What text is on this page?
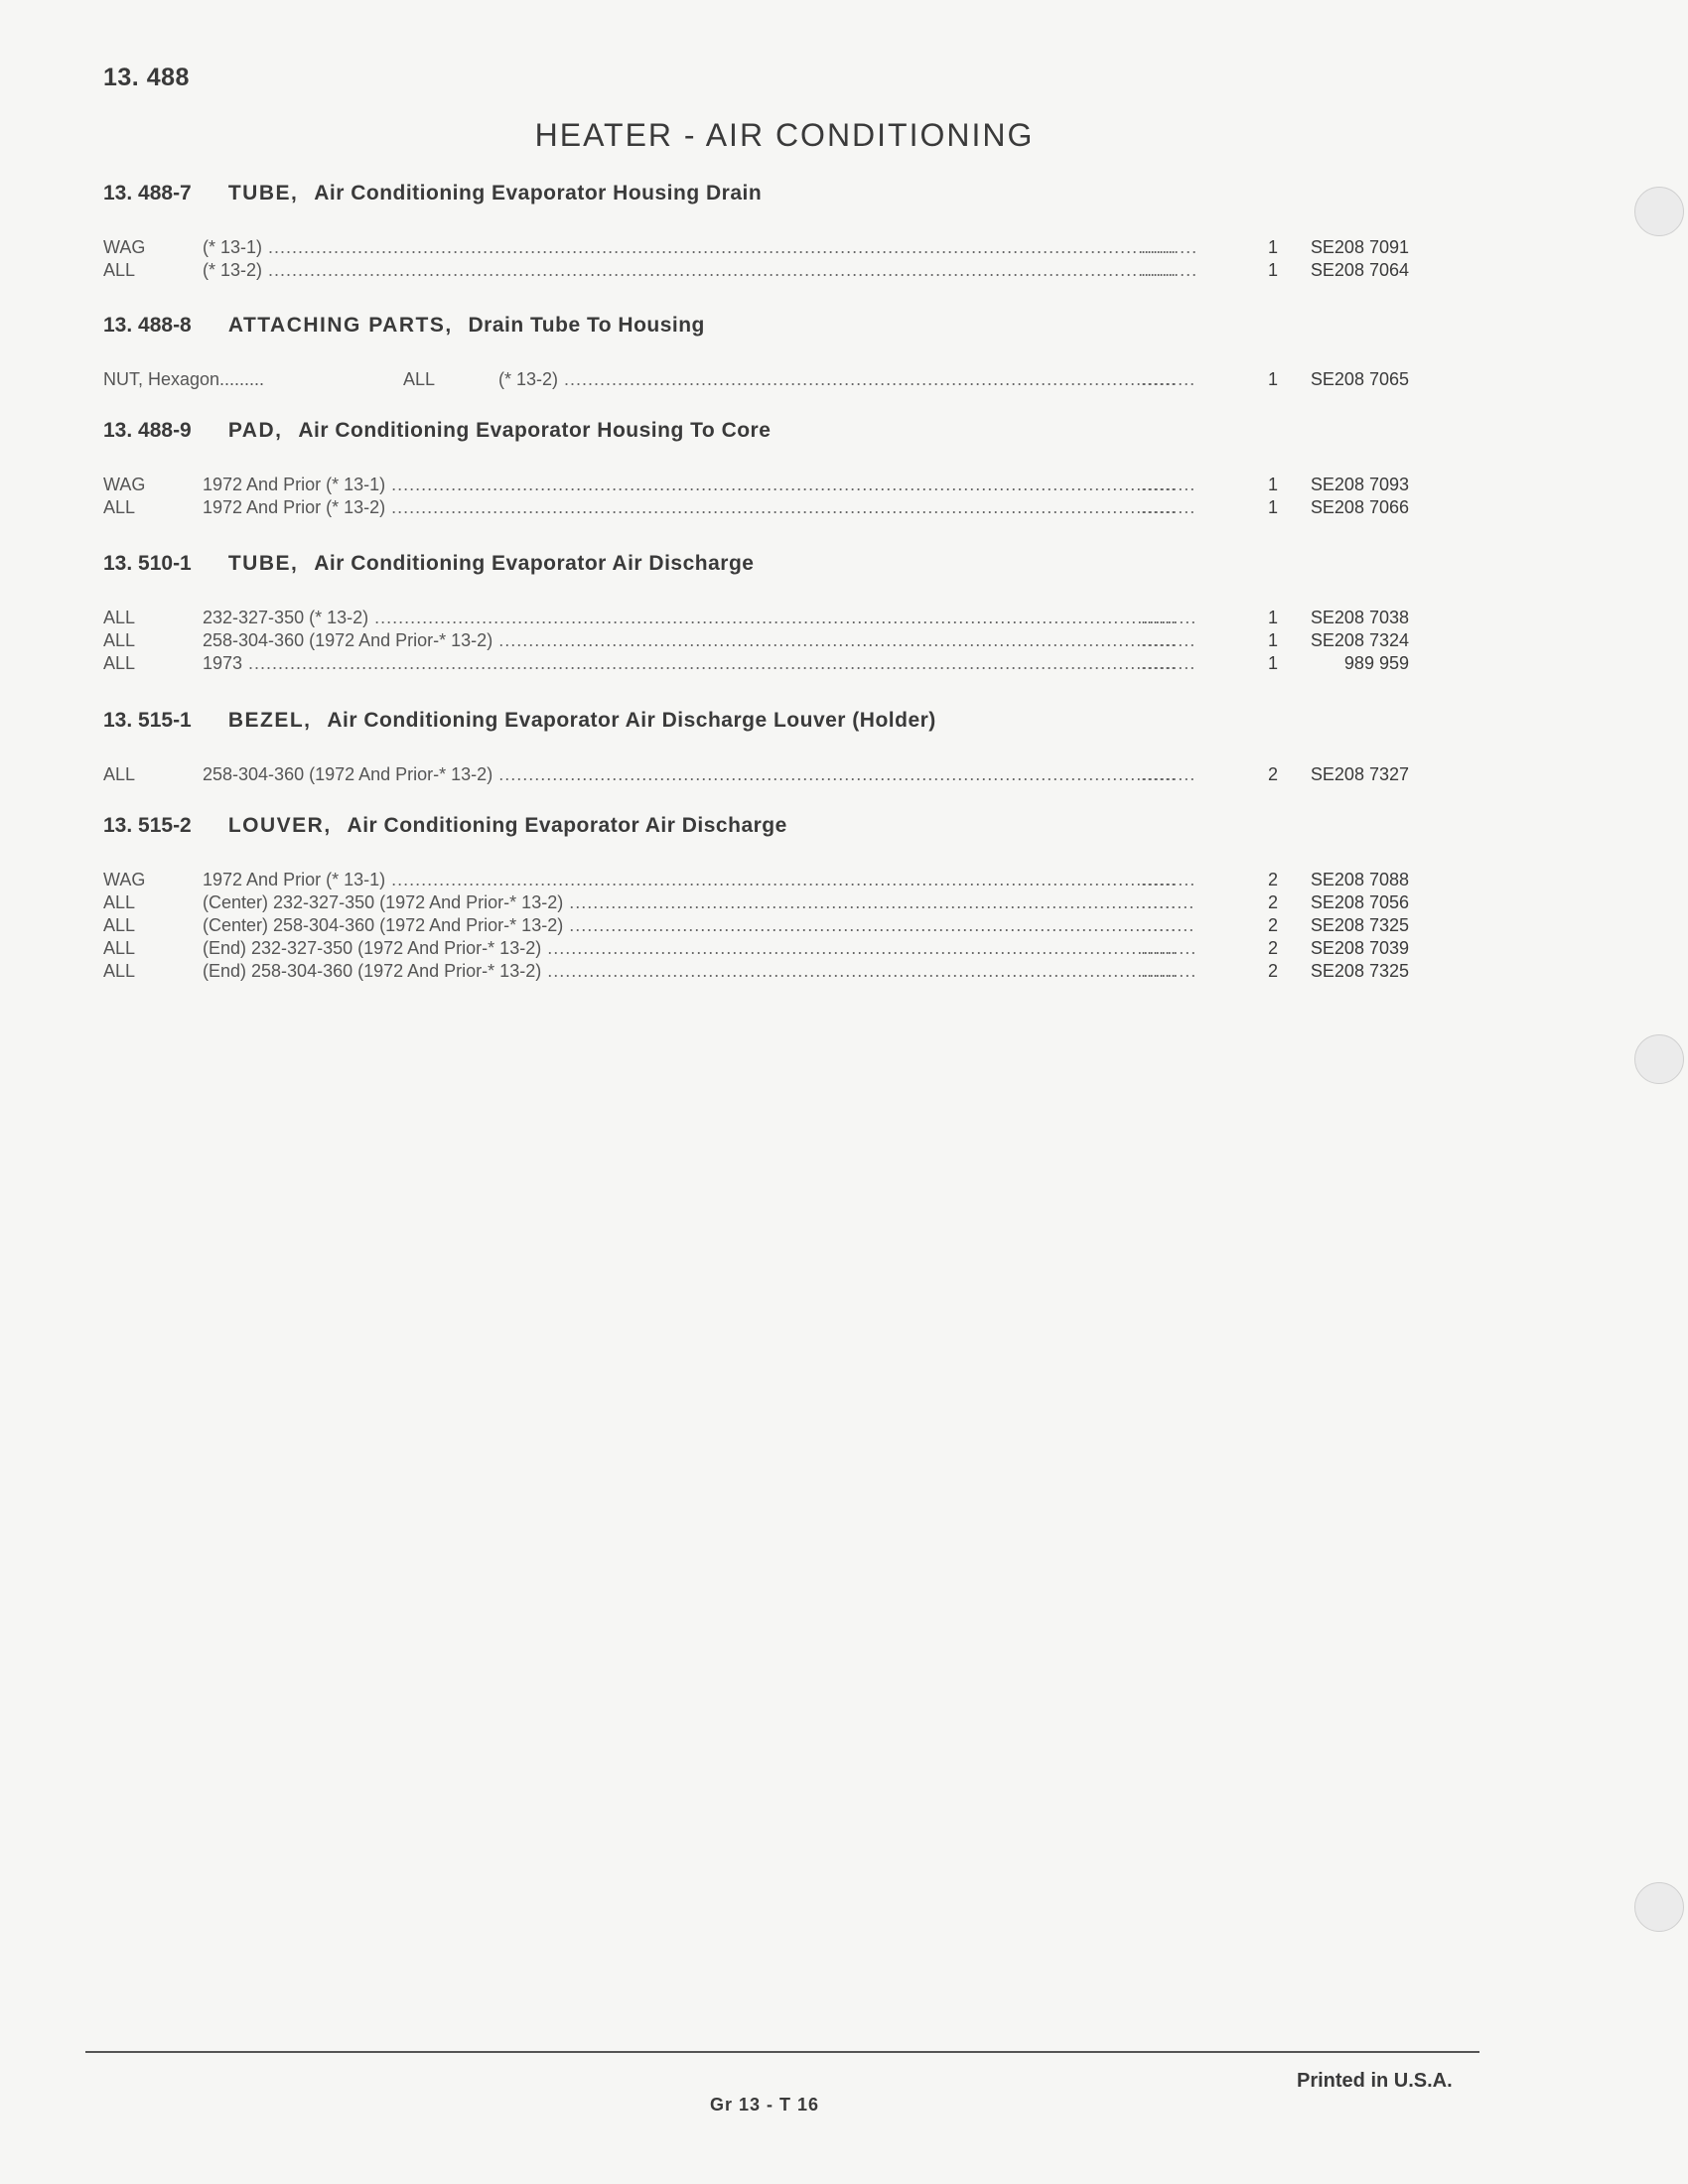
13. 488
HEATER - AIR CONDITIONING
13. 488-7 TUBE, Air Conditioning Evaporator Housing Drain
WAG	(* 13-1) .....	......	1	SE208 7091
ALL	(* 13-2) .....	......	1	SE208 7064
13. 488-8 ATTACHING PARTS, Drain Tube To Housing
NUT, Hexagon.........	ALL	(* 13-2) .....	......	1	SE208 7065
13. 488-9 PAD, Air Conditioning Evaporator Housing To Core
WAG	1972 And Prior (* 13-1) .....	......	1	SE208 7093
ALL	1972 And Prior (* 13-2) .....	......	1	SE208 7066
13. 510-1 TUBE, Air Conditioning Evaporator Air Discharge
ALL	232-327-350 (* 13-2) .....	......	1	SE208 7038
ALL	258-304-360 (1972 And Prior-* 13-2) .....	......	1	SE208 7324
ALL	1973 .....	......	1	989 959
13. 515-1 BEZEL, Air Conditioning Evaporator Air Discharge Louver (Holder)
ALL	258-304-360 (1972 And Prior-* 13-2) .....	......	2	SE208 7327
13. 515-2 LOUVER, Air Conditioning Evaporator Air Discharge
WAG	1972 And Prior (* 13-1) .....	......	2	SE208 7088
ALL	(Center) 232-327-350 (1972 And Prior-* 13-2) .....	......	2	SE208 7056
ALL	(Center) 258-304-360 (1972 And Prior-* 13-2) .....	......	2	SE208 7325
ALL	(End) 232-327-350 (1972 And Prior-* 13-2) .....	......	2	SE208 7039
ALL	(End) 258-304-360 (1972 And Prior-* 13-2) .....	......	2	SE208 7325
Gr 13 - T 16
Printed in U.S.A.
